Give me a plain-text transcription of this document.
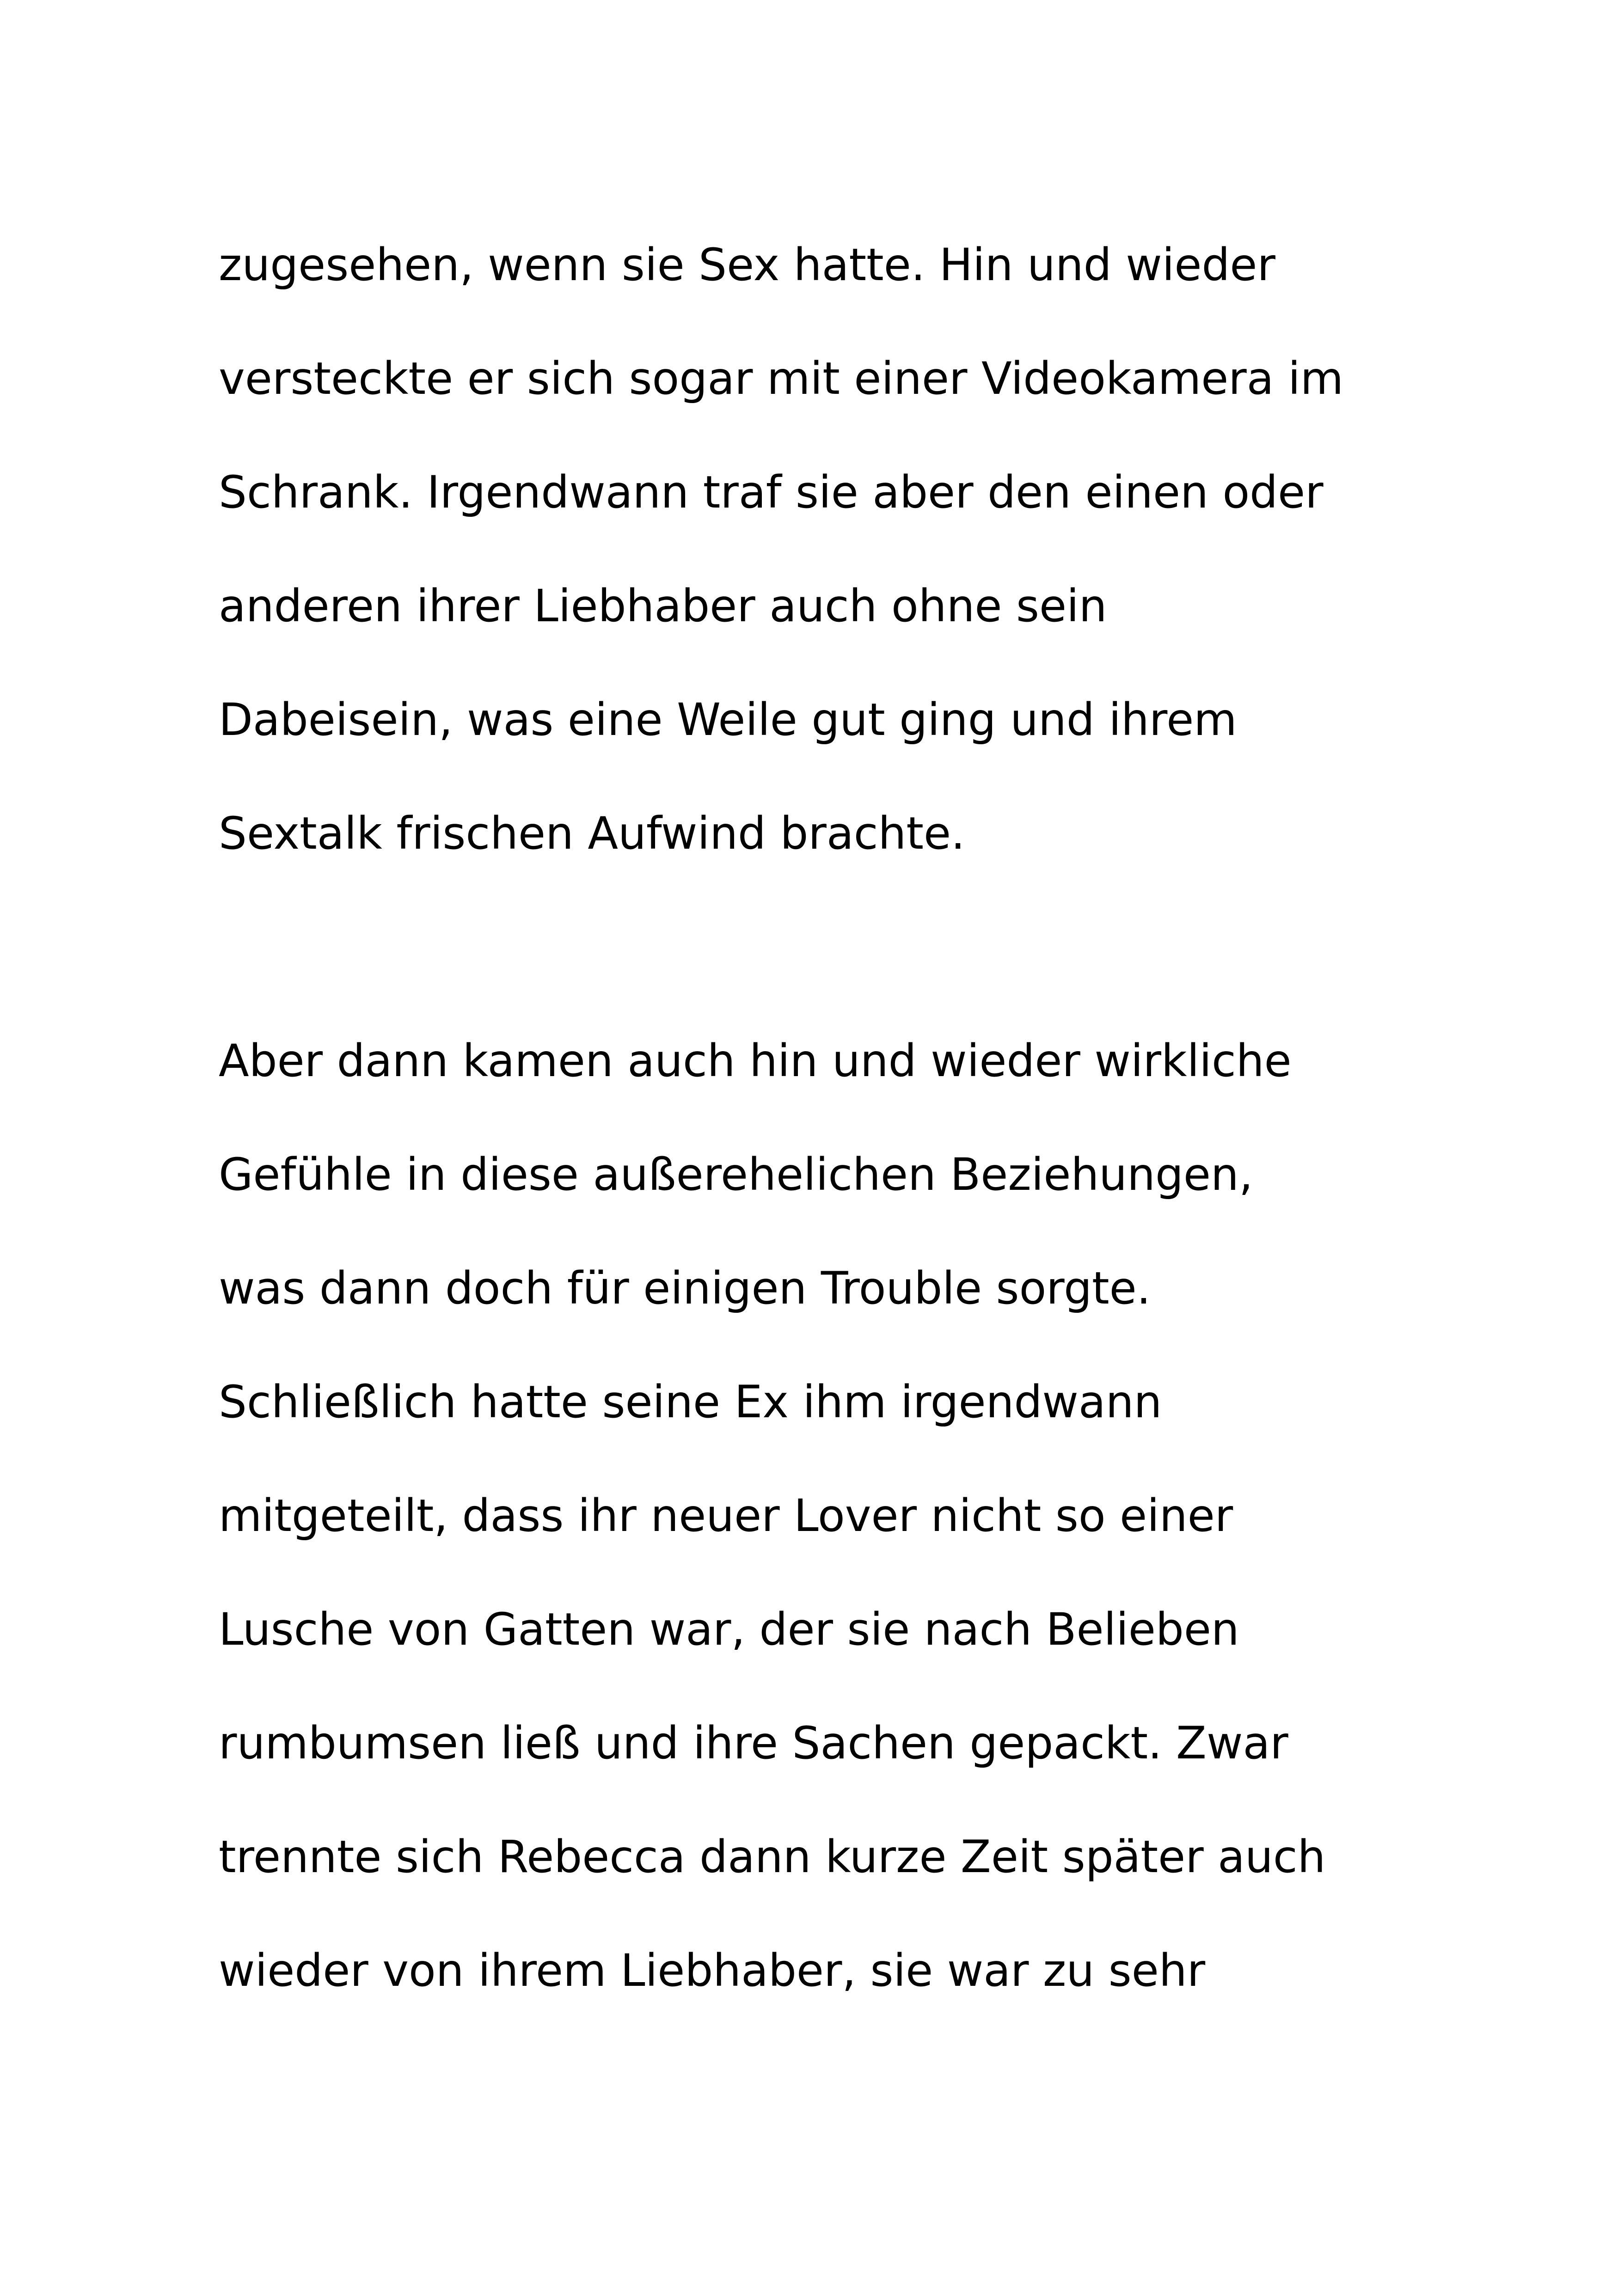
zugesehen, wenn sie Sex hatte. Hin und wieder

versteckte er sich sogar mit einer Videokamera im

Schrank. Irgendwann traf sie aber den einen oder

anderen ihrer Liebhaber auch ohne sein

Dabeisein, was eine Weile gut ging und ihrem

Sextalk frischen Aufwind brachte.

Aber dann kamen auch hin und wieder wirkliche

Gefühle in diese außerehelichen Beziehungen,

was dann doch für einigen Trouble sorgte.

Schließlich hatte seine Ex ihm irgendwann

mitgeteilt, dass ihr neuer Lover nicht so einer

Lusche von Gatten war, der sie nach Belieben

rumbumsen ließ und ihre Sachen gepackt. Zwar

trennte sich Rebecca dann kurze Zeit später auch

wieder von ihrem Liebhaber, sie war zu sehr
